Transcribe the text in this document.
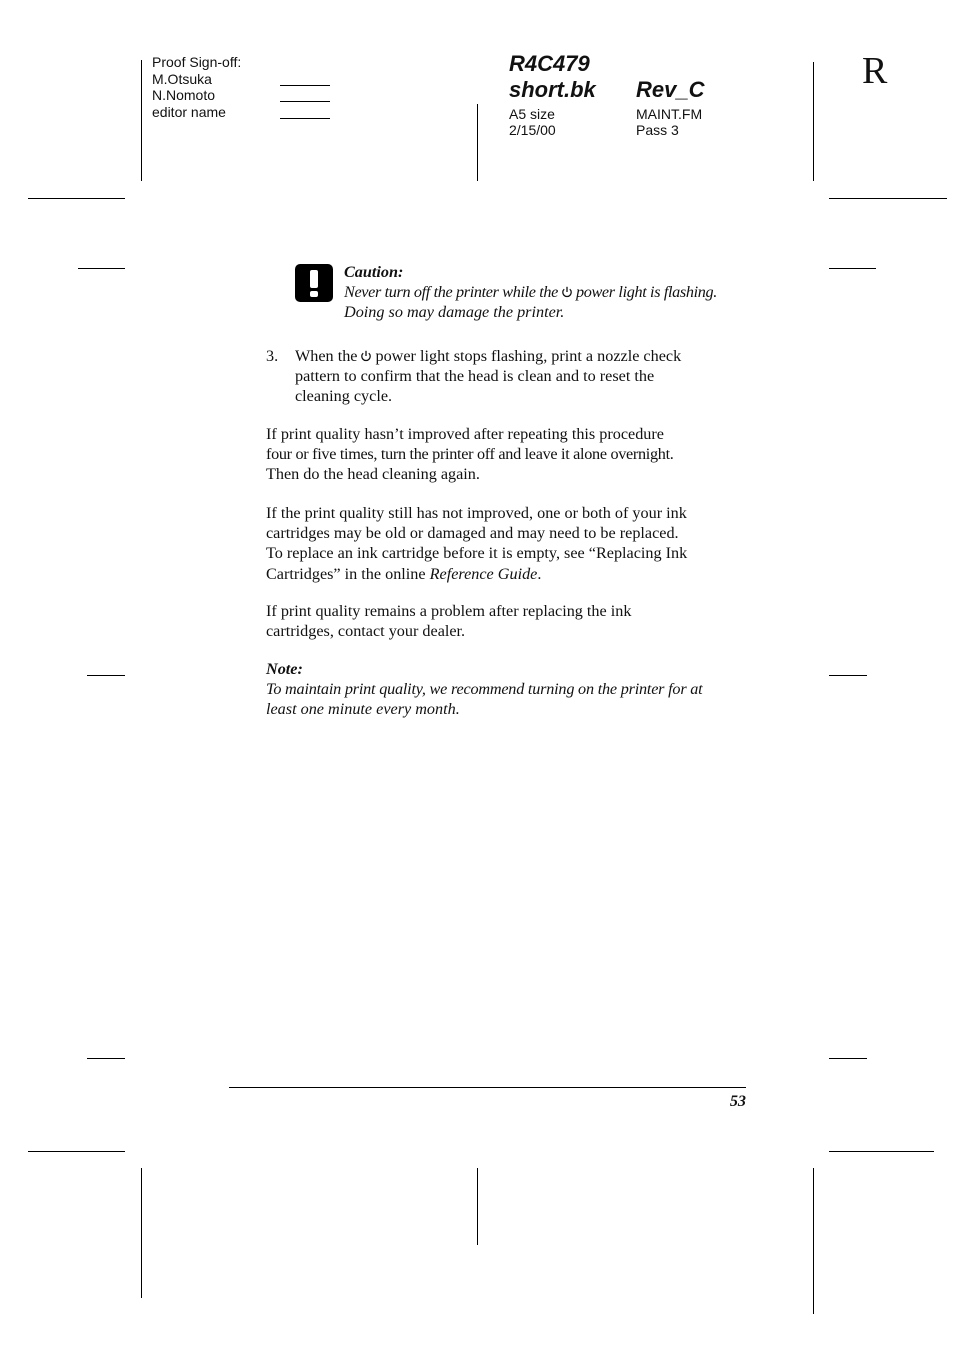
Proof Sign-off:
M.Otsuka
N.Nomoto
editor name
R4C479
short.bk Rev_C
A5 size
2/15/00
MAINT.FM
Pass 3
R

Caution:

Never turn off the printer while the power light is flashing.

Doing so may damage the printer.

3. When the power light stops flashing, print a nozzle check

pattern to confirm that the head is clean and to reset the

cleaning cycle.

If print quality hasn’t improved after repeating this procedure

four or five times, turn the printer off and leave it alone overnight.

Then do the head cleaning again.

If the print quality still has not improved, one or both of your ink

cartridges may be old or damaged and may need to be replaced.

To replace an ink cartridge before it is empty, see “Replacing Ink

Cartridges” in the online Reference Guide.

If print quality remains a problem after replacing the ink

cartridges, contact your dealer.

Note:

To maintain print quality, we recommend turning on the printer for at

least one minute every month.

53
